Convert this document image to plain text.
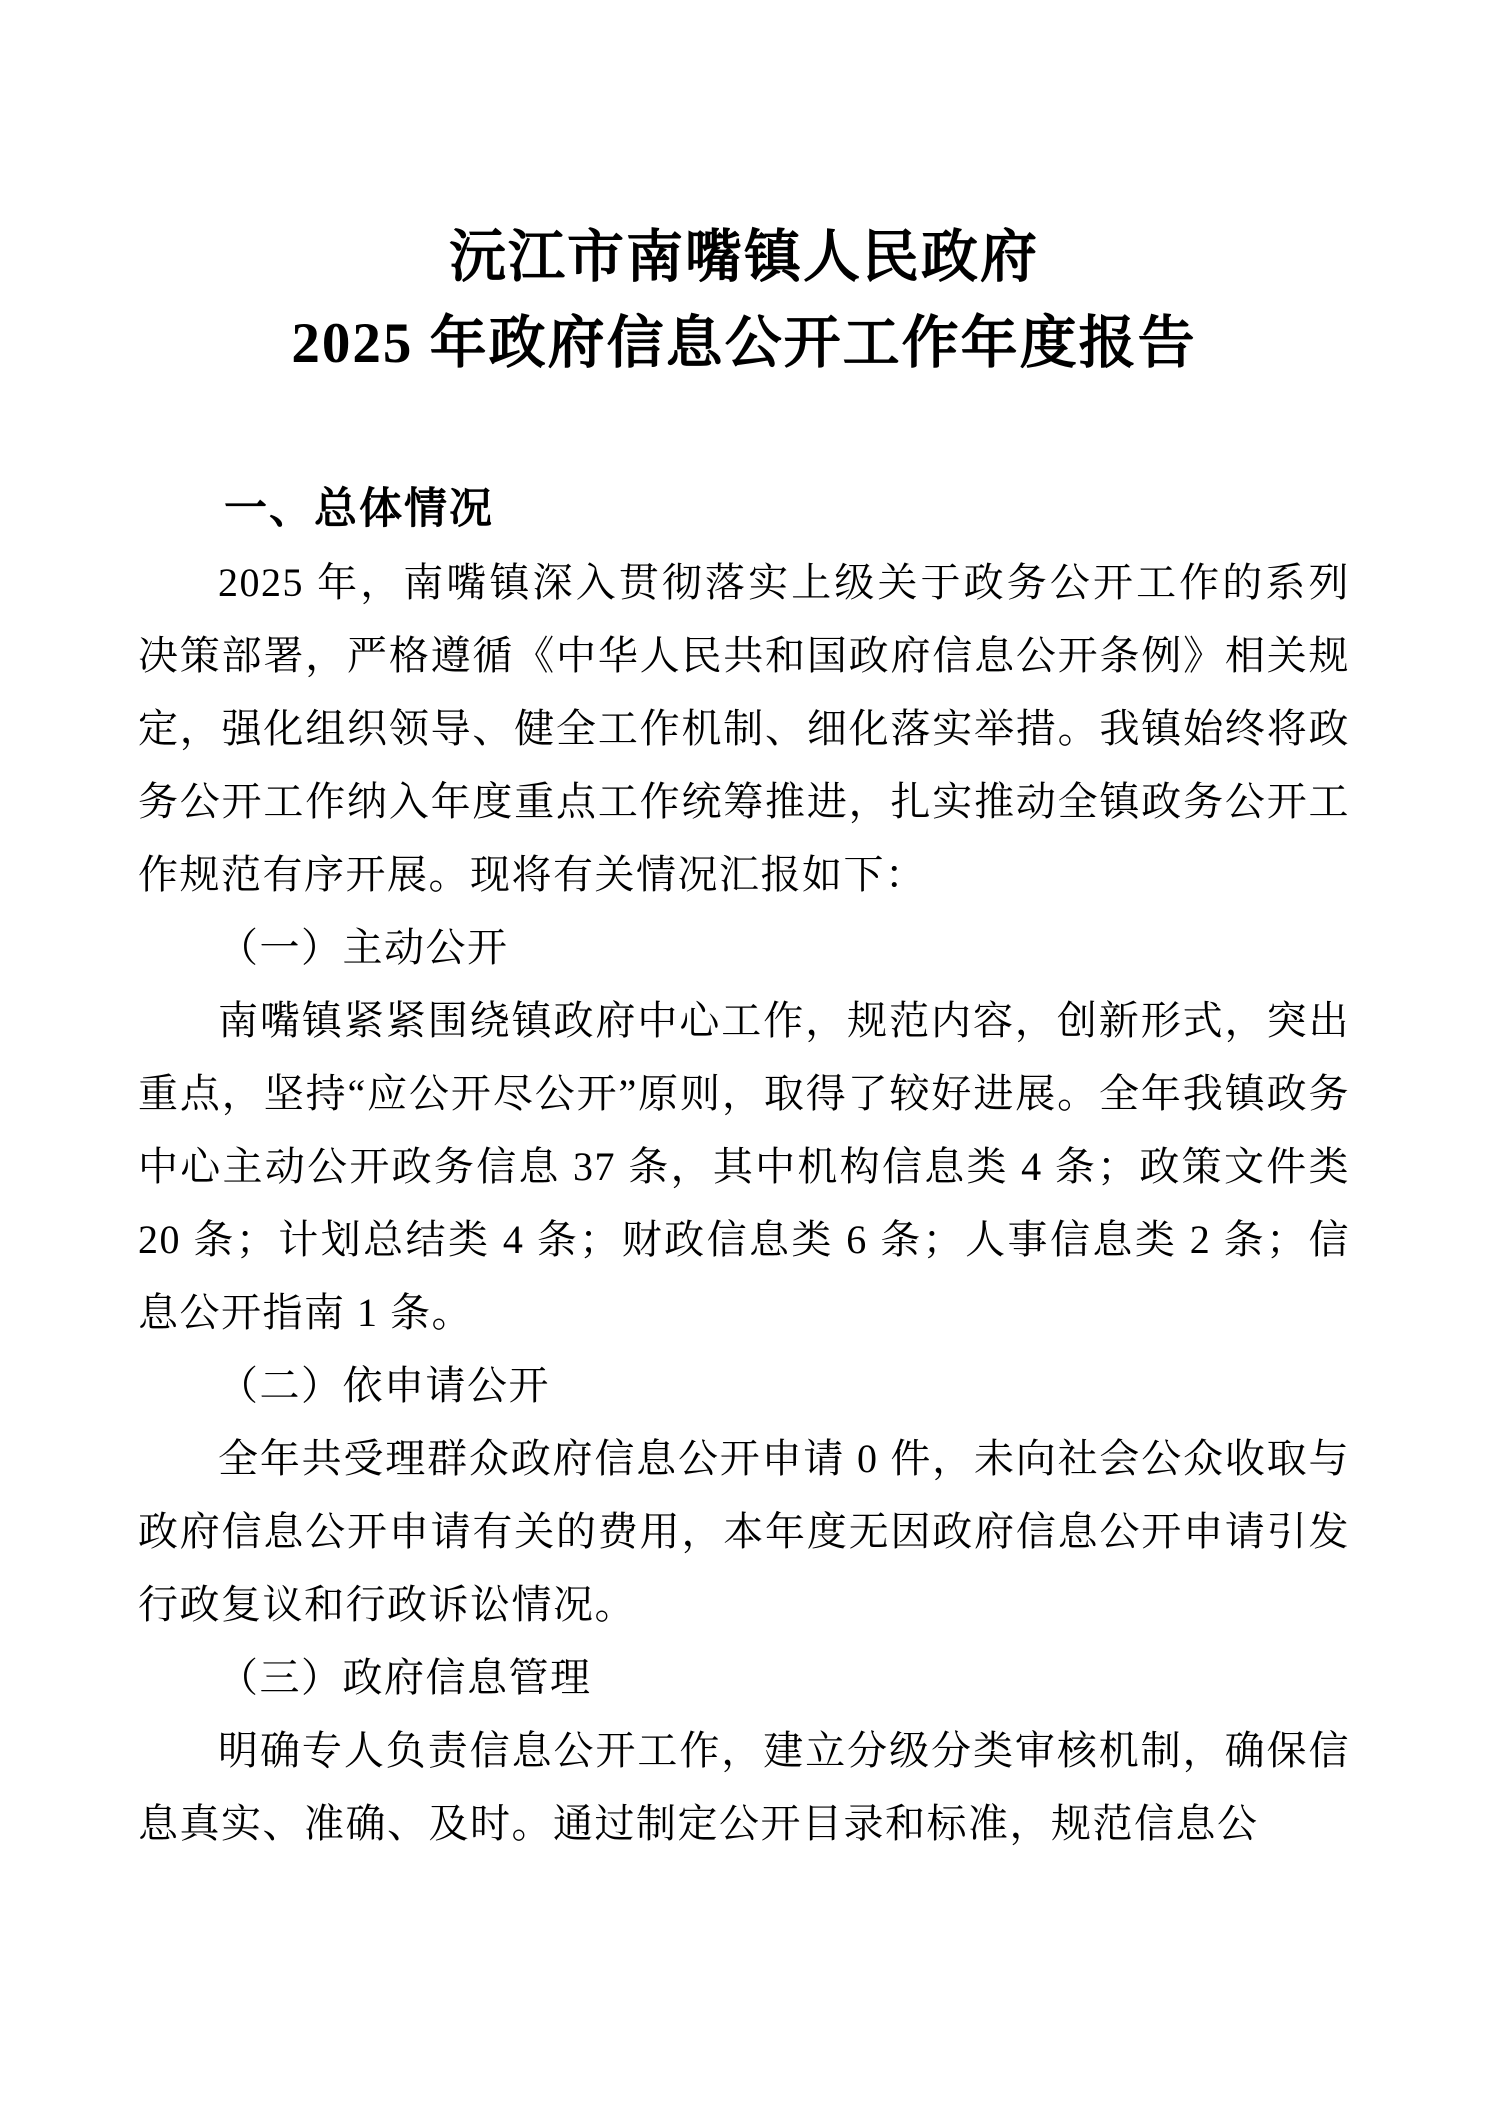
沅江市南嘴镇人民政府
2025 年政府信息公开工作年度报告
一、总体情况

2025 年，南嘴镇深入贯彻落实上级关于政务公开工作的系列决策部署，严格遵循《中华人民共和国政府信息公开条例》相关规定，强化组织领导、健全工作机制、细化落实举措。我镇始终将政务公开工作纳入年度重点工作统筹推进，扎实推动全镇政务公开工作规范有序开展。现将有关情况汇报如下：

（一）主动公开

南嘴镇紧紧围绕镇政府中心工作，规范内容，创新形式，突出重点，坚持“应公开尽公开”原则，取得了较好进展。全年我镇政务中心主动公开政务信息 37 条，其中机构信息类 4 条；政策文件类 20 条；计划总结类 4 条；财政信息类 6 条；人事信息类 2 条；信息公开指南 1 条。

（二）依申请公开

全年共受理群众政府信息公开申请 0 件，未向社会公众收取与政府信息公开申请有关的费用，本年度无因政府信息公开申请引发行政复议和行政诉讼情况。

（三）政府信息管理

明确专人负责信息公开工作，建立分级分类审核机制，确保信息真实、准确、及时。通过制定公开目录和标准，规范信息公
